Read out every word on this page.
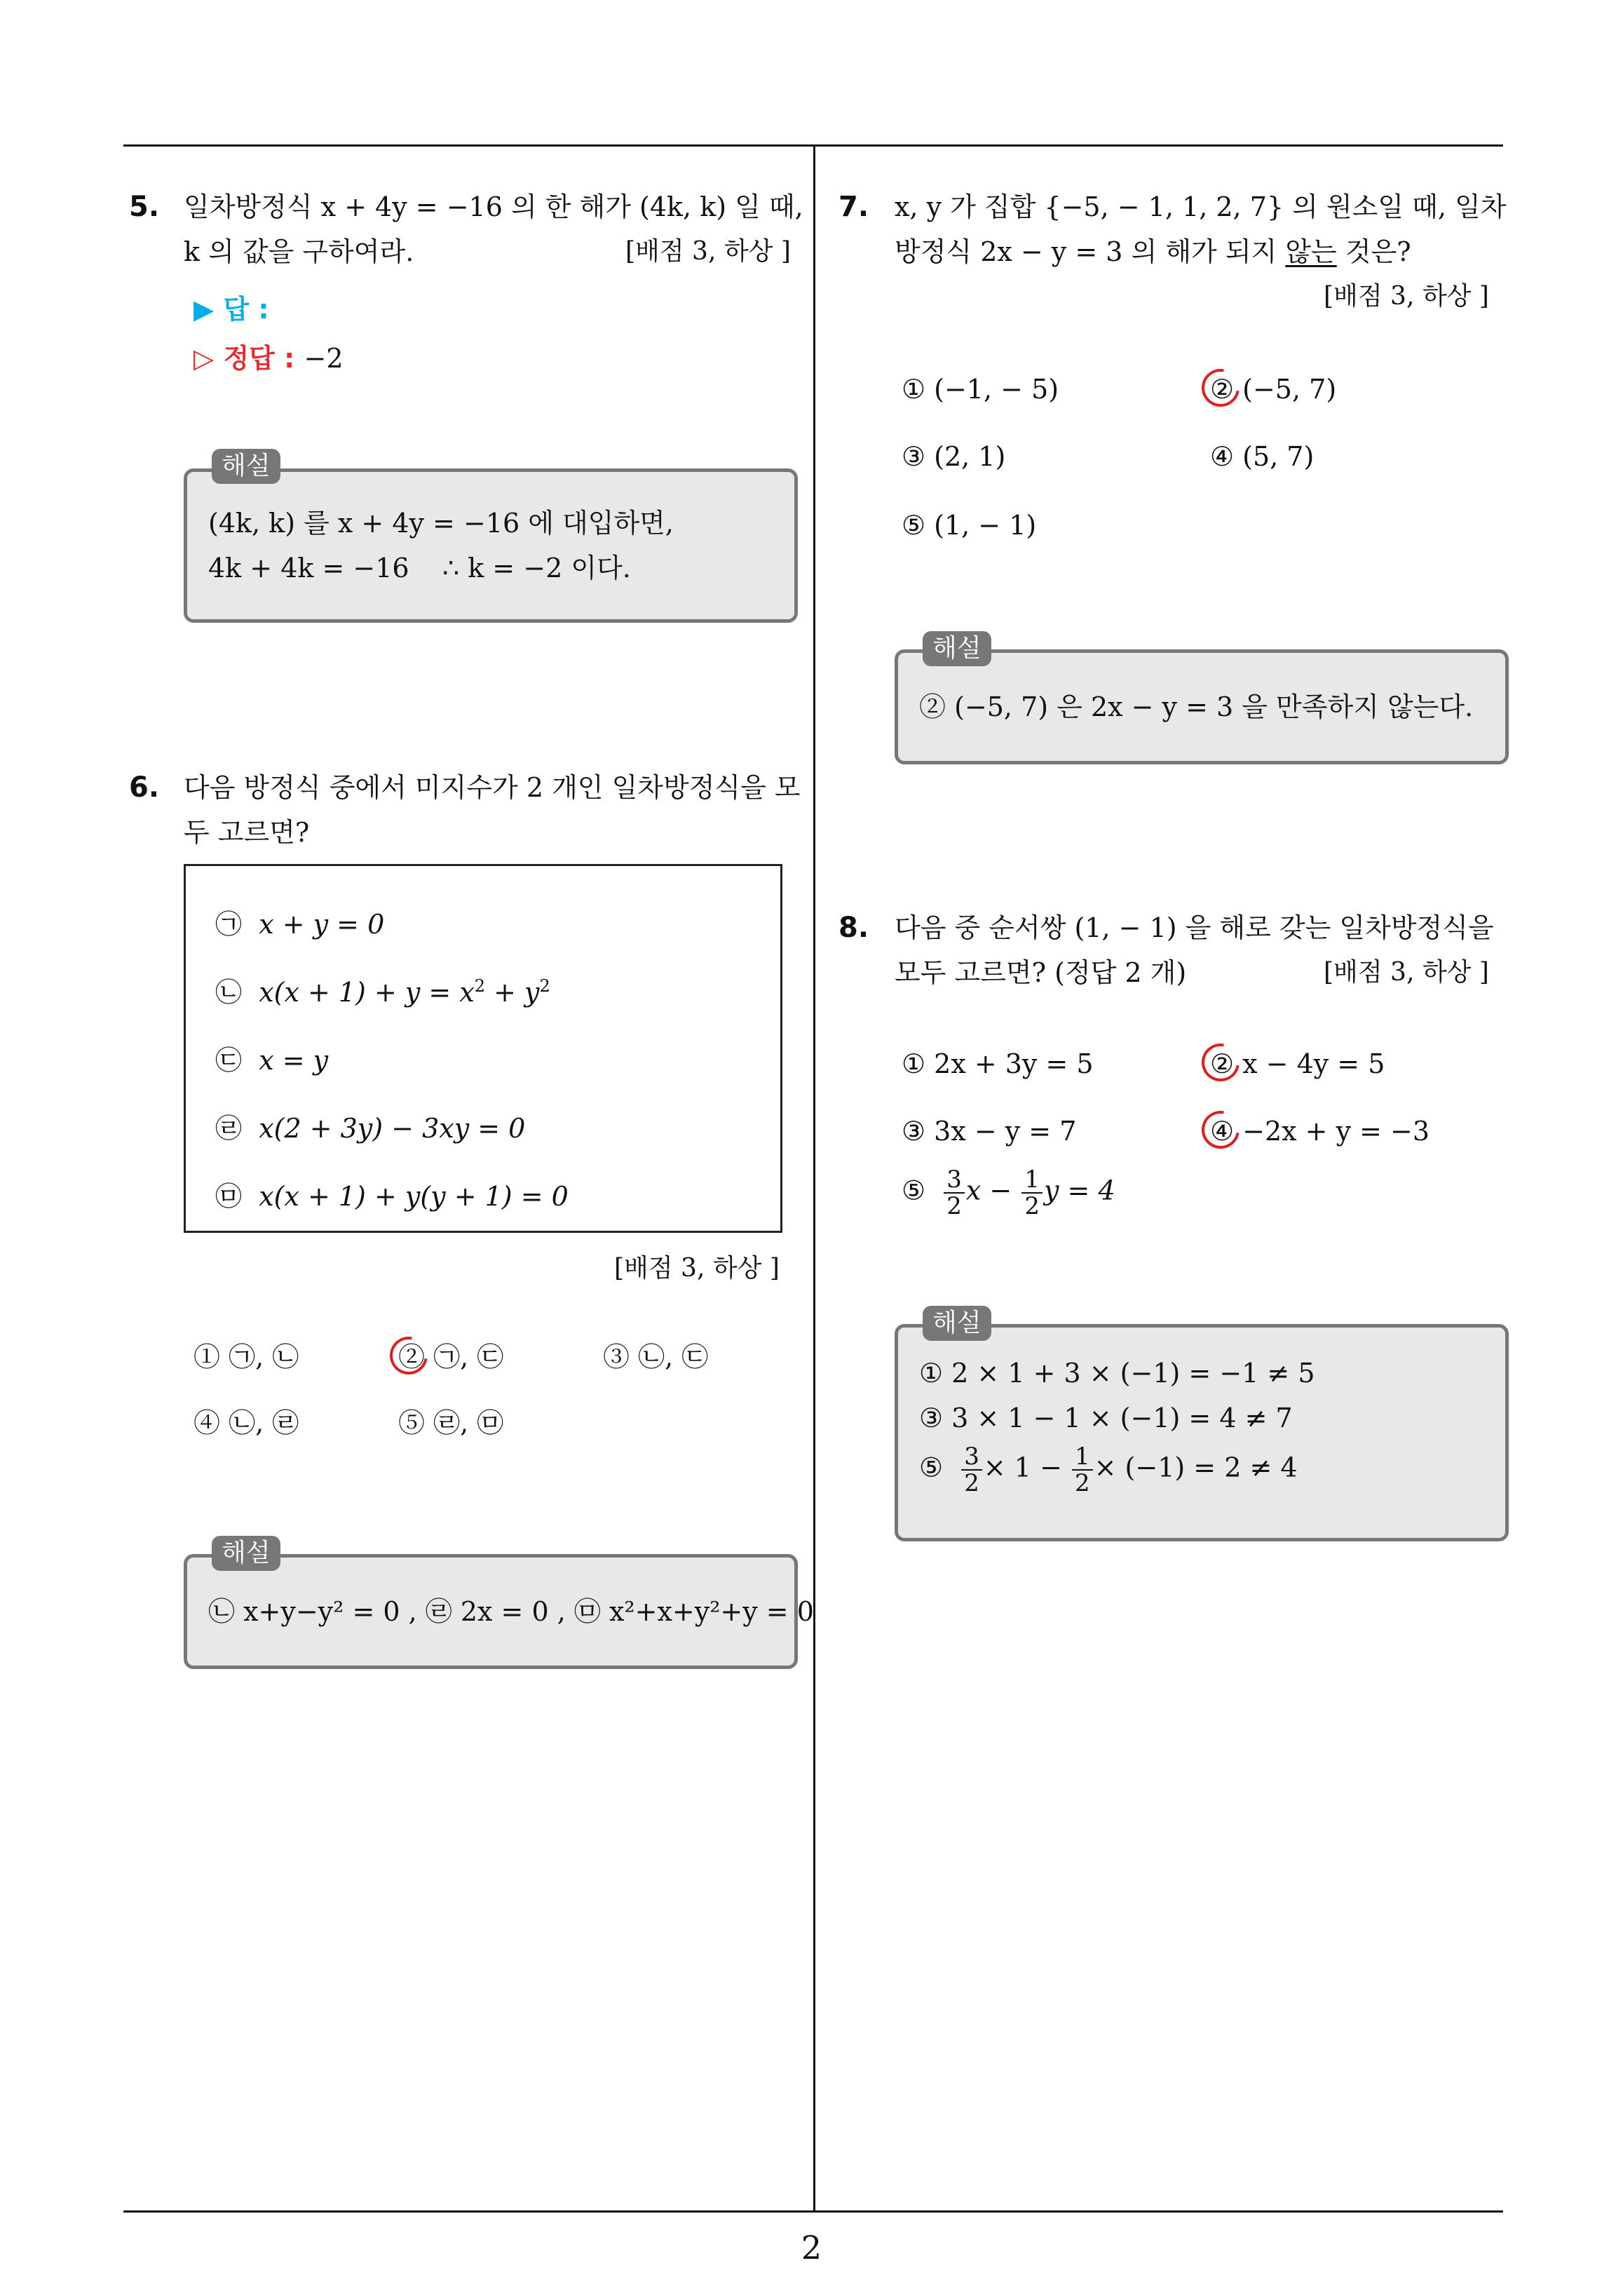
2
5. 일차방정식 x + 4y = −16 의 한 해가 (4k, k) 일 때,
k 의 값을 구하여라.	[배점 3, 하상 ]
▶ 답 :
▷ 정답 : −2
(4k, k) 를 x + 4y = −16 에 대입하면,
4k + 4k = −16 ∴ k = −2 이다.
해설
6. 다음 방정식 중에서 미지수가 2 개인 일차방정식을 모
두 고르면?
㉠ x + y = 0
㉡ $x(x + 1) + y = x^2 + y^2$
㉢ x = y
㉣ x(2 + 3y) − 3xy = 0
㉤ x(x + 1) + y(y + 1) = 0
[배점 3, 하상 ]
① ㉠, ㉡	② ㉠, ㉢	③ ㉡, ㉢
④ ㉡, ㉣	⑤ ㉣, ㉤
㉡ x+y−y² = 0 , ㉣ 2x = 0 , ㉤ x²+x+y²+y = 0
해설
7. x, y 가 집합 {−5, − 1, 1, 2, 7} 의 원소일 때, 일차
방정식 2x − y = 3 의 해가 되지 않는 것은?
[배점 3, 하상 ]
① (−1, − 5)	② (−5, 7)
③ (2, 1)	④ (5, 7)
⑤ (1, − 1)
② (−5, 7) 은 2x − y = 3 을 만족하지 않는다.
해설
8. 다음 중 순서쌍 (1, − 1) 을 해로 갖는 일차방정식을
모두 고르면? (정답 2 개)	[배점 3, 하상 ]
① 2x + 3y = 5	② x − 4y = 5
③ 3x − y = 7	④ −2x + y = −3
⑤ $\frac{3}{2}$ $x - \frac{1}{2}$ y = 4
① 2 × 1 + 3 × (−1) = −1 ≠ 5
③ 3 × 1 − 1 × (−1) = 4 ≠ 7
⑤ $\frac{3}{2} \times 1 - \frac{1}{2} \times (-1) = 2 \ne 4$
해설
